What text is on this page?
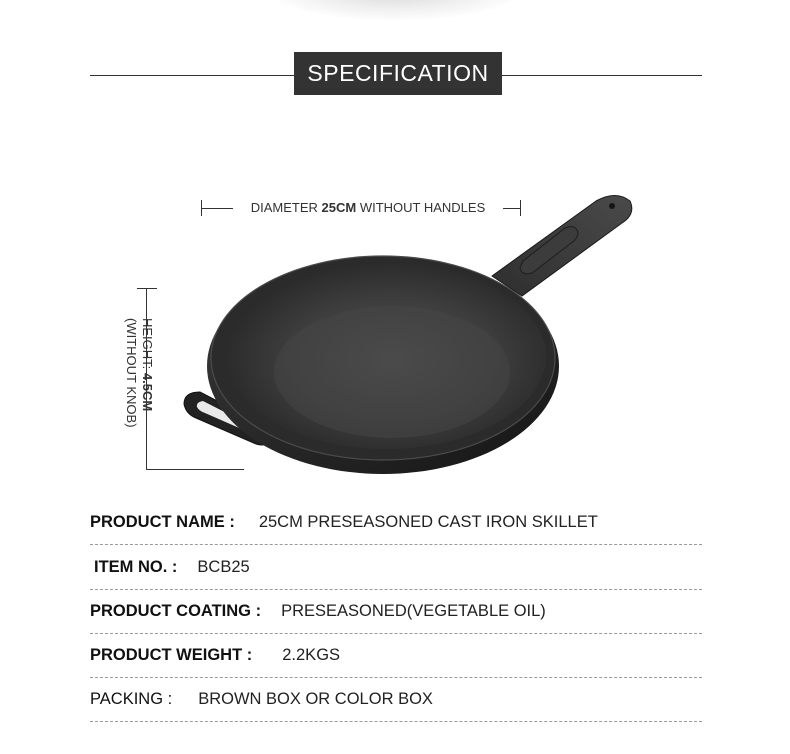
SPECIFICATION
DIAMETER 25CM WITHOUT HANDLES
HEIGHT: 4.5CM
(WITHOUT KNOB)
PRODUCT NAME : 25CM PRESEASONED CAST IRON SKILLET
ITEM NO. : BCB25
PRODUCT COATING : PRESEASONED(VEGETABLE OIL)
PRODUCT WEIGHT : 2.2KGS
PACKING : BROWN BOX OR COLOR BOX
